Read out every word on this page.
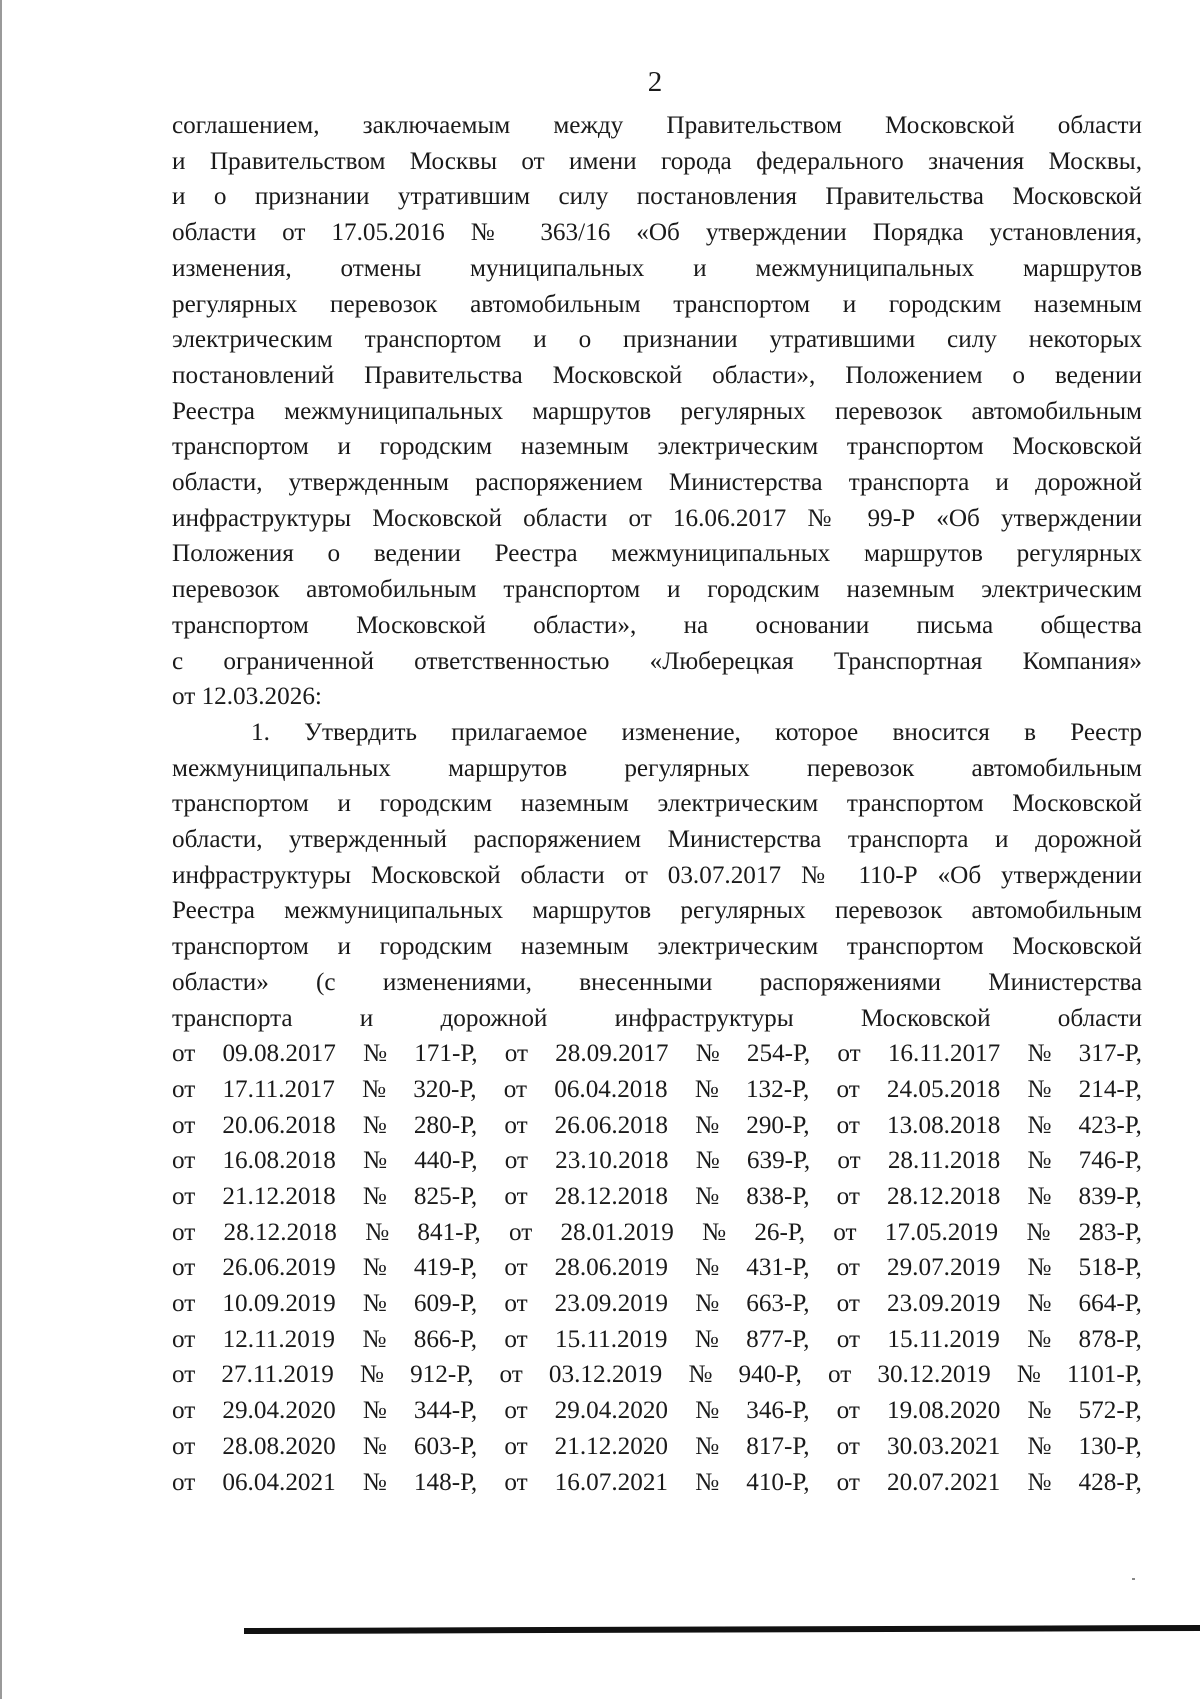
2
соглашением, заключаемым между Правительством Московской области
и Правительством Москвы от имени города федерального значения Москвы,
и о признании утратившим силу постановления Правительства Московской
области от 17.05.2016 № 363/16 «Об утверждении Порядка установления,
изменения, отмены муниципальных и межмуниципальных маршрутов
регулярных перевозок автомобильным транспортом и городским наземным
электрическим транспортом и о признании утратившими силу некоторых
постановлений Правительства Московской области», Положением о ведении
Реестра межмуниципальных маршрутов регулярных перевозок автомобильным
транспортом и городским наземным электрическим транспортом Московской
области, утвержденным распоряжением Министерства транспорта и дорожной
инфраструктуры Московской области от 16.06.2017 № 99-Р «Об утверждении
Положения о ведении Реестра межмуниципальных маршрутов регулярных
перевозок автомобильным транспортом и городским наземным электрическим
транспортом Московской области», на основании письма общества
с ограниченной ответственностью «Люберецкая Транспортная Компания»
от 12.03.2026:
1. Утвердить прилагаемое изменение, которое вносится в Реестр
межмуниципальных маршрутов регулярных перевозок автомобильным
транспортом и городским наземным электрическим транспортом Московской
области, утвержденный распоряжением Министерства транспорта и дорожной
инфраструктуры Московской области от 03.07.2017 № 110-Р «Об утверждении
Реестра межмуниципальных маршрутов регулярных перевозок автомобильным
транспортом и городским наземным электрическим транспортом Московской
области» (с изменениями, внесенными распоряжениями Министерства
транспорта и дорожной инфраструктуры Московской области
от 09.08.2017 № 171-Р, от 28.09.2017 № 254-Р, от 16.11.2017 № 317-Р,
от 17.11.2017 № 320-Р, от 06.04.2018 № 132-Р, от 24.05.2018 № 214-Р,
от 20.06.2018 № 280-Р, от 26.06.2018 № 290-Р, от 13.08.2018 № 423-Р,
от 16.08.2018 № 440-Р, от 23.10.2018 № 639-Р, от 28.11.2018 № 746-Р,
от 21.12.2018 № 825-Р, от 28.12.2018 № 838-Р, от 28.12.2018 № 839-Р,
от 28.12.2018 № 841-Р, от 28.01.2019 № 26-Р, от 17.05.2019 № 283-Р,
от 26.06.2019 № 419-Р, от 28.06.2019 № 431-Р, от 29.07.2019 № 518-Р,
от 10.09.2019 № 609-Р, от 23.09.2019 № 663-Р, от 23.09.2019 № 664-Р,
от 12.11.2019 № 866-Р, от 15.11.2019 № 877-Р, от 15.11.2019 № 878-Р,
от 27.11.2019 № 912-Р, от 03.12.2019 № 940-Р, от 30.12.2019 № 1101-Р,
от 29.04.2020 № 344-Р, от 29.04.2020 № 346-Р, от 19.08.2020 № 572-Р,
от 28.08.2020 № 603-Р, от 21.12.2020 № 817-Р, от 30.03.2021 № 130-Р,
от 06.04.2021 № 148-Р, от 16.07.2021 № 410-Р, от 20.07.2021 № 428-Р,
